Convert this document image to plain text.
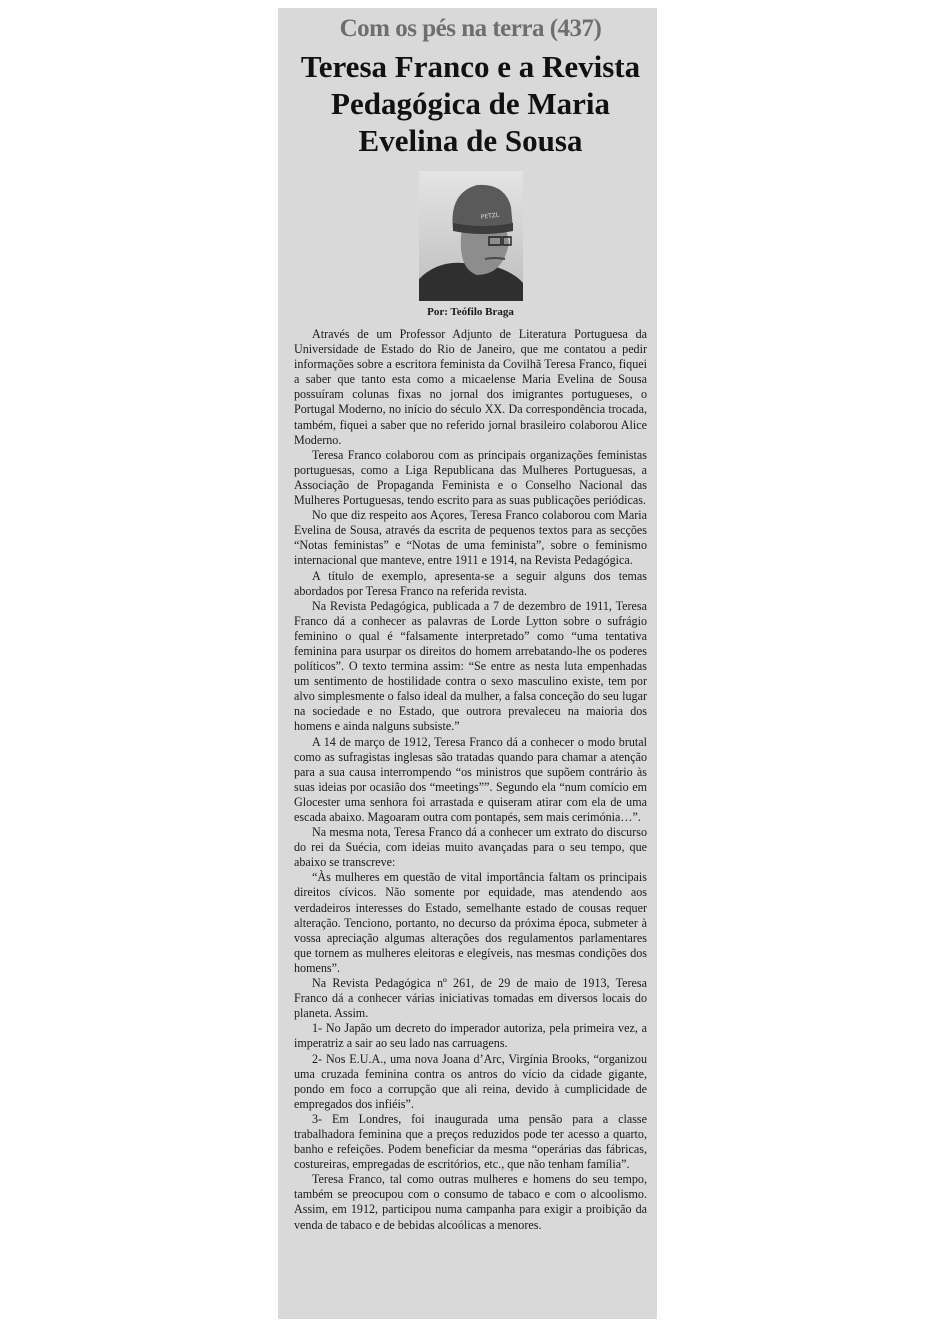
Com os pés na terra (437)
Teresa Franco e a Revista Pedagógica de Maria Evelina de Sousa
PETZL
Por: Teófilo Braga

Através de um Professor Adjunto de Literatura Portuguesa da Universidade de Estado do Rio de Janeiro, que me contatou a pedir informações sobre a escritora feminista da Covilhã Teresa Franco, fiquei a saber que tanto esta como a micaelense Maria Evelina de Sousa possuíram colunas fixas no jornal dos imigrantes portugueses, o Portugal Moderno, no início do século XX. Da correspondência trocada, também, fiquei a saber que no referido jornal brasileiro colaborou Alice Moderno.

Teresa Franco colaborou com as principais organizações feministas portuguesas, como a Liga Republicana das Mulheres Portuguesas, a Associação de Propaganda Feminista e o Conselho Nacional das Mulheres Portuguesas, tendo escrito para as suas publicações periódicas.

No que diz respeito aos Açores, Teresa Franco colaborou com Maria Evelina de Sousa, através da escrita de pequenos textos para as secções “Notas feministas” e “Notas de uma feminista”, sobre o feminismo internacional que manteve, entre 1911 e 1914, na Revista Pedagógica.

A título de exemplo, apresenta-se a seguir alguns dos temas abordados por Teresa Franco na referida revista.

Na Revista Pedagógica, publicada a 7 de dezembro de 1911, Teresa Franco dá a conhecer as palavras de Lorde Lytton sobre o sufrágio feminino o qual é “falsamente interpretado” como “uma tentativa feminina para usurpar os direitos do homem arrebatando-lhe os poderes políticos”. O texto termina assim: “Se entre as nesta luta empenhadas um sentimento de hostilidade contra o sexo masculino existe, tem por alvo simplesmente o falso ideal da mulher, a falsa conceção do seu lugar na sociedade e no Estado, que outrora prevaleceu na maioria dos homens e ainda nalguns subsiste.”

A 14 de março de 1912, Teresa Franco dá a conhecer o modo brutal como as sufragistas inglesas são tratadas quando para chamar a atenção para a sua causa interrompendo “os ministros que supõem contrário às suas ideias por ocasião dos “meetings””. Segundo ela “num comício em Glocester uma senhora foi arrastada e quiseram atirar com ela de uma escada abaixo. Magoaram outra com pontapés, sem mais cerimónia…”.

Na mesma nota, Teresa Franco dá a conhecer um extrato do discurso do rei da Suécia, com ideias muito avançadas para o seu tempo, que abaixo se transcreve:

“Às mulheres em questão de vital importância faltam os principais direitos cívicos. Não somente por equidade, mas atendendo aos verdadeiros interesses do Estado, semelhante estado de cousas requer alteração. Tenciono, portanto, no decurso da próxima época, submeter à vossa apreciação algumas alterações dos regulamentos parlamentares que tornem as mulheres eleitoras e elegíveis, nas mesmas condições dos homens”.

Na Revista Pedagógica nº 261, de 29 de maio de 1913, Teresa Franco dá a conhecer várias iniciativas tomadas em diversos locais do planeta. Assim.

1- No Japão um decreto do imperador autoriza, pela primeira vez, a imperatriz a sair ao seu lado nas carruagens.

2- Nos E.U.A., uma nova Joana d’Arc, Virgínia Brooks, “organizou uma cruzada feminina contra os antros do vício da cidade gigante, pondo em foco a corrupção que ali reina, devido à cumplicidade de empregados dos infiéis”.

3- Em Londres, foi inaugurada uma pensão para a classe trabalhadora feminina que a preços reduzidos pode ter acesso a quarto, banho e refeições. Podem beneficiar da mesma “operárias das fábricas, costureiras, empregadas de escritórios, etc., que não tenham família”.

Teresa Franco, tal como outras mulheres e homens do seu tempo, também se preocupou com o consumo de tabaco e com o alcoolismo. Assim, em 1912, participou numa campanha para exigir a proibição da venda de tabaco e de bebidas alcoólicas a menores.
